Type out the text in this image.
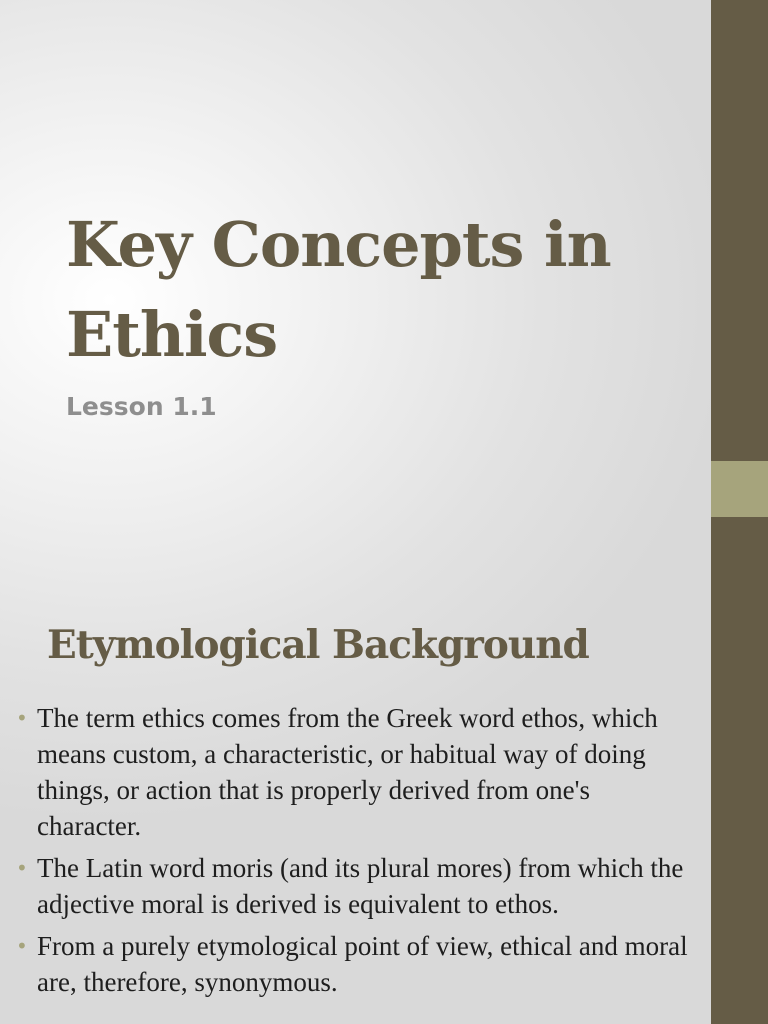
Key Concepts in Ethics
Lesson 1.1
Etymological Background
• The term ethics comes from the Greek word ethos, which means custom, a characteristic, or habitual way of doing things, or action that is properly derived from one's character.
• The Latin word moris (and its plural mores) from which the adjective moral is derived is equivalent to ethos.
• From a purely etymological point of view, ethical and moral are, therefore, synonymous.
